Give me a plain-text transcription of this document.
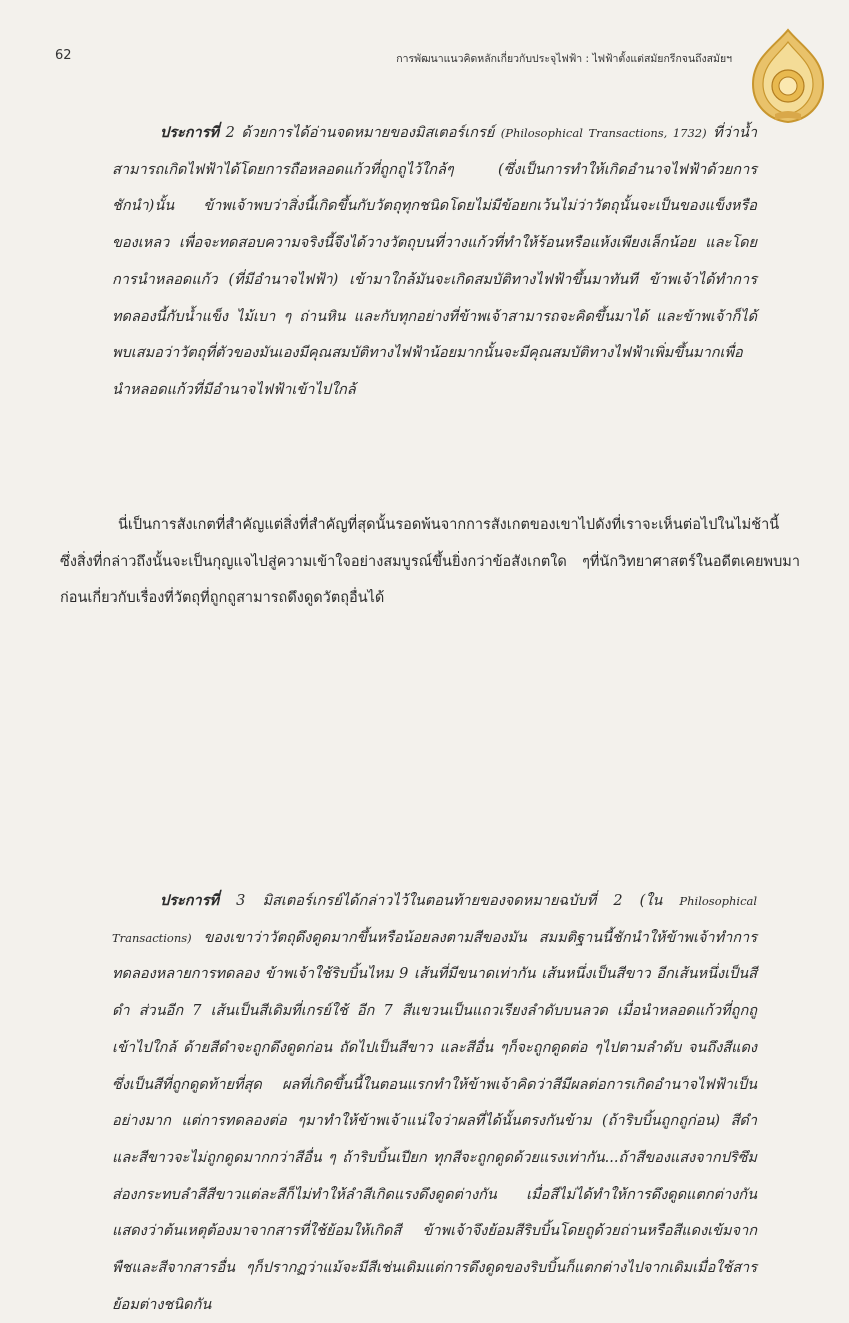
62	การพัฒนาแนวคิดหลักเกี่ยวกับประจุไฟฟ้า : ไฟฟ้าตั้งแต่สมัยกรีกจนถึงสมัยฯ
ประการที่ 2 ด้วยการได้อ่านจดหมายของมิสเตอร์เกรย์ (Philosophical Transactions, 1732) ที่ว่าน้ำสามารถเกิดไฟฟ้าได้โดยการถือหลอดแก้วที่ถูกถูไว้ใกล้ๆ (ซึ่งเป็นการทำให้เกิดอำนาจไฟฟ้าด้วยการชักนำ)นั้น ข้าพเจ้าพบว่าสิ่งนี้เกิดขึ้นกับวัตถุทุกชนิดโดยไม่มีข้อยกเว้นไม่ว่าวัตถุนั้นจะเป็นของแข็งหรือของเหลว เพื่อจะทดสอบความจริงนี้จึงได้วางวัตถุบนที่วางแก้วที่ทำให้ร้อนหรือแห้งเพียงเล็กน้อย และโดยการนำหลอดแก้ว (ที่มีอำนาจไฟฟ้า) เข้ามาใกล้มันจะเกิดสมบัติทางไฟฟ้าขึ้นมาทันที ข้าพเจ้าได้ทำการทดลองนี้กับน้ำแข็ง ไม้เบา ๆ ถ่านหิน และกับทุกอย่างที่ข้าพเจ้าสามารถจะคิดขึ้นมาได้ และข้าพเจ้าก็ได้พบเสมอว่าวัตถุที่ตัวของมันเองมีคุณสมบัติทางไฟฟ้าน้อยมากนั้นจะมีคุณสมบัติทางไฟฟ้าเพิ่มขึ้นมากเพื่อนำหลอดแก้วที่มีอำนาจไฟฟ้าเข้าไปใกล้
นี่เป็นการสังเกตที่สำคัญแต่สิ่งที่สำคัญที่สุดนั้นรอดพ้นจากการสังเกตของเขาไปดังที่เราจะเห็นต่อไปในไม่ช้านี้ ซึ่งสิ่งที่กล่าวถึงนั้นจะเป็นกุญแจไปสู่ความเข้าใจอย่างสมบูรณ์ขึ้นยิ่งกว่าข้อสังเกตใด ๆที่นักวิทยาศาสตร์ในอดีตเคยพบมาก่อนเกี่ยวกับเรื่องที่วัตถุที่ถูกถูสามารถดึงดูดวัตถุอื่นได้
ประการที่ 3 มิสเตอร์เกรย์ได้กล่าวไว้ในตอนท้ายของจดหมายฉบับที่ 2 (ใน Philosophical Transactions) ของเขาว่าวัตถุดึงดูดมากขึ้นหรือน้อยลงตามสีของมัน สมมติฐานนี้ชักนำให้ข้าพเจ้าทำการทดลองหลายการทดลอง ข้าพเจ้าใช้ริบบิ้นไหม 9 เส้นที่มีขนาดเท่ากัน เส้นหนึ่งเป็นสีขาว อีกเส้นหนึ่งเป็นสีดำ ส่วนอีก 7 เส้นเป็นสีเดิมที่เกรย์ใช้ อีก 7 สีแขวนเป็นแถวเรียงลำดับบนลวด เมื่อนำหลอดแก้วที่ถูกถูเข้าไปใกล้ ด้ายสีดำจะถูกดึงดูดก่อน ถัดไปเป็นสีขาว และสีอื่น ๆก็จะถูกดูดต่อ ๆไปตามลำดับ จนถึงสีแดงซึ่งเป็นสีที่ถูกดูดท้ายที่สุด ผลที่เกิดขึ้นนี้ในตอนแรกทำให้ข้าพเจ้าคิดว่าสีมีผลต่อการเกิดอำนาจไฟฟ้าเป็นอย่างมาก แต่การทดลองต่อ ๆมาทำให้ข้าพเจ้าแน่ใจว่าผลที่ได้นั้นตรงกันข้าม (ถ้าริบบิ้นถูกถูก่อน) สีดำและสีขาวจะไม่ถูกดูดมากกว่าสีอื่น ๆ ถ้าริบบิ้นเปียก ทุกสีจะถูกดูดด้วยแรงเท่ากัน...ถ้าสีของแสงจากปริซึมส่องกระทบลำสีสีขาวแต่ละสีก็ไม่ทำให้ลำสีเกิดแรงดึงดูดต่างกัน เมื่อสีไม่ได้ทำให้การดึงดูดแตกต่างกัน แสดงว่าต้นเหตุต้องมาจากสารที่ใช้ย้อมให้เกิดสี ข้าพเจ้าจึงย้อมสีริบบิ้นโดยถูด้วยถ่านหรือสีแดงเข้มจากพืชและสีจากสารอื่น ๆก็ปรากฏว่าแม้จะมีสีเช่นเดิมแต่การดึงดูดของริบบิ้นก็แตกต่างไปจากเดิมเมื่อใช้สารย้อมต่างชนิดกัน
